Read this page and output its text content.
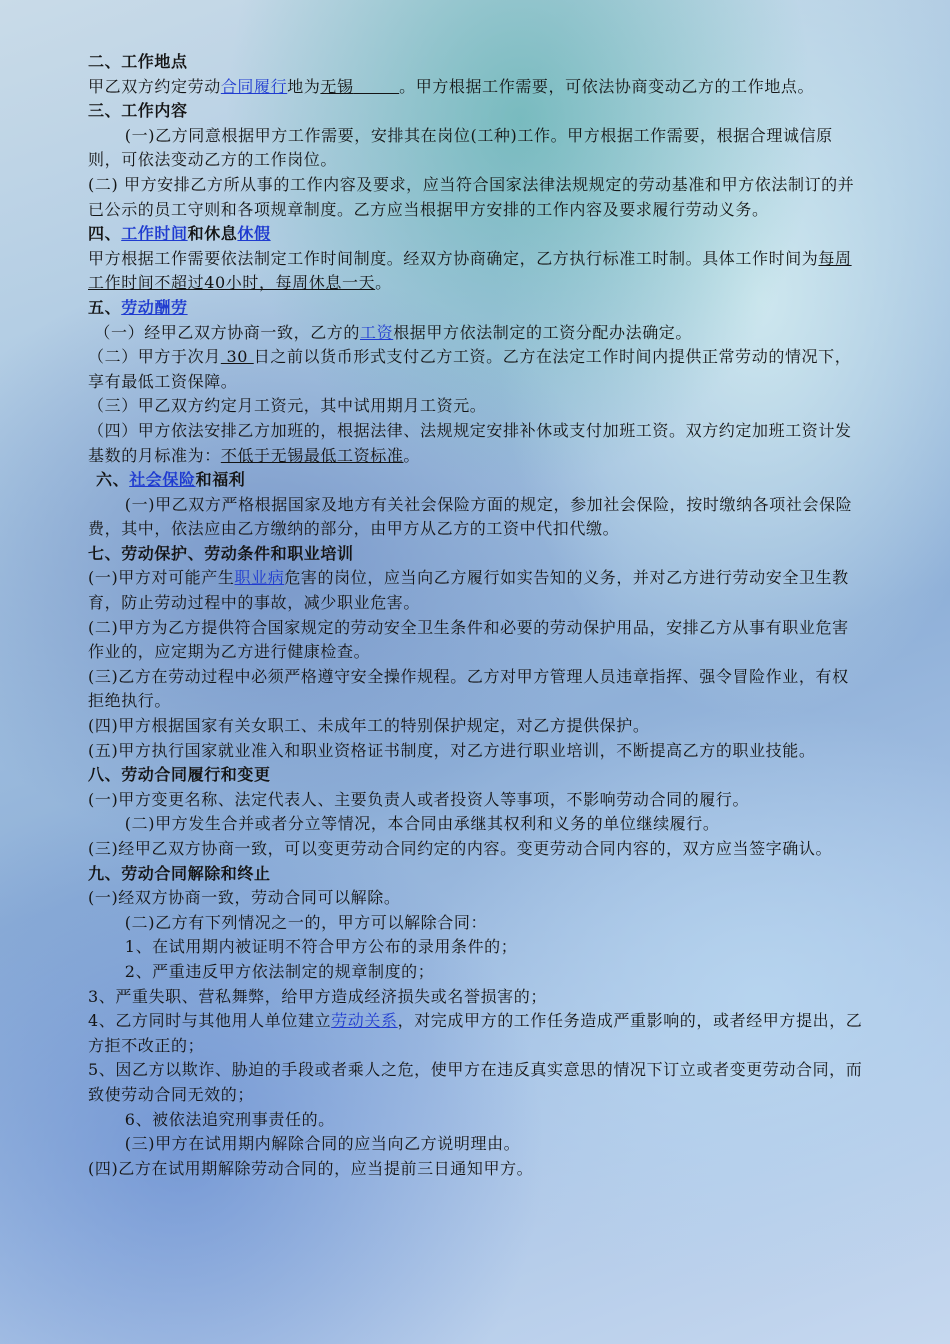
二、工作地点

甲乙双方约定劳动合同履行地为无锡	。甲方根据工作需要，可依法协商变动乙方的工作地点。

三、工作内容

(一)乙方同意根据甲方工作需要，安排其在岗位(工种)工作。甲方根据工作需要，根据合理诚信原则，可依法变动乙方的工作岗位。

(二) 甲方安排乙方所从事的工作内容及要求，应当符合国家法律法规规定的劳动基准和甲方依法制订的并已公示的员工守则和各项规章制度。乙方应当根据甲方安排的工作内容及要求履行劳动义务。

四、工作时间和休息休假

甲方根据工作需要依法制定工作时间制度。经双方协商确定，乙方执行标准工时制。具体工作时间为每周工作时间不超过40小时，每周休息一天。

五、劳动酬劳

（一）经甲乙双方协商一致，乙方的工资根据甲方依法制定的工资分配办法确定。

（二）甲方于次月 30 日之前以货币形式支付乙方工资。乙方在法定工作时间内提供正常劳动的情况下，享有最低工资保障。

（三）甲乙双方约定月工资元，其中试用期月工资元。

（四）甲方依法安排乙方加班的，根据法律、法规规定安排补休或支付加班工资。双方约定加班工资计发基数的月标准为：不低于无锡最低工资标准。

六、社会保险和福利

(一)甲乙双方严格根据国家及地方有关社会保险方面的规定，参加社会保险，按时缴纳各项社会保险费，其中，依法应由乙方缴纳的部分，由甲方从乙方的工资中代扣代缴。

七、劳动保护、劳动条件和职业培训

(一)甲方对可能产生职业病危害的岗位，应当向乙方履行如实告知的义务，并对乙方进行劳动安全卫生教育，防止劳动过程中的事故，减少职业危害。

(二)甲方为乙方提供符合国家规定的劳动安全卫生条件和必要的劳动保护用品，安排乙方从事有职业危害作业的，应定期为乙方进行健康检查。

(三)乙方在劳动过程中必须严格遵守安全操作规程。乙方对甲方管理人员违章指挥、强令冒险作业，有权拒绝执行。

(四)甲方根据国家有关女职工、未成年工的特别保护规定，对乙方提供保护。

(五)甲方执行国家就业准入和职业资格证书制度，对乙方进行职业培训，不断提高乙方的职业技能。

八、劳动合同履行和变更

(一)甲方变更名称、法定代表人、主要负责人或者投资人等事项，不影响劳动合同的履行。

(二)甲方发生合并或者分立等情况，本合同由承继其权利和义务的单位继续履行。

(三)经甲乙双方协商一致，可以变更劳动合同约定的内容。变更劳动合同内容的，双方应当签字确认。

九、劳动合同解除和终止

(一)经双方协商一致，劳动合同可以解除。

(二)乙方有下列情况之一的，甲方可以解除合同：

1、在试用期内被证明不符合甲方公布的录用条件的；

2、严重违反甲方依法制定的规章制度的；

3、严重失职、营私舞弊，给甲方造成经济损失或名誉损害的；

4、乙方同时与其他用人单位建立劳动关系，对完成甲方的工作任务造成严重影响的，或者经甲方提出，乙方拒不改正的；

5、因乙方以欺诈、胁迫的手段或者乘人之危，使甲方在违反真实意思的情况下订立或者变更劳动合同，而致使劳动合同无效的；

6、被依法追究刑事责任的。

(三)甲方在试用期内解除合同的应当向乙方说明理由。

(四)乙方在试用期解除劳动合同的，应当提前三日通知甲方。
